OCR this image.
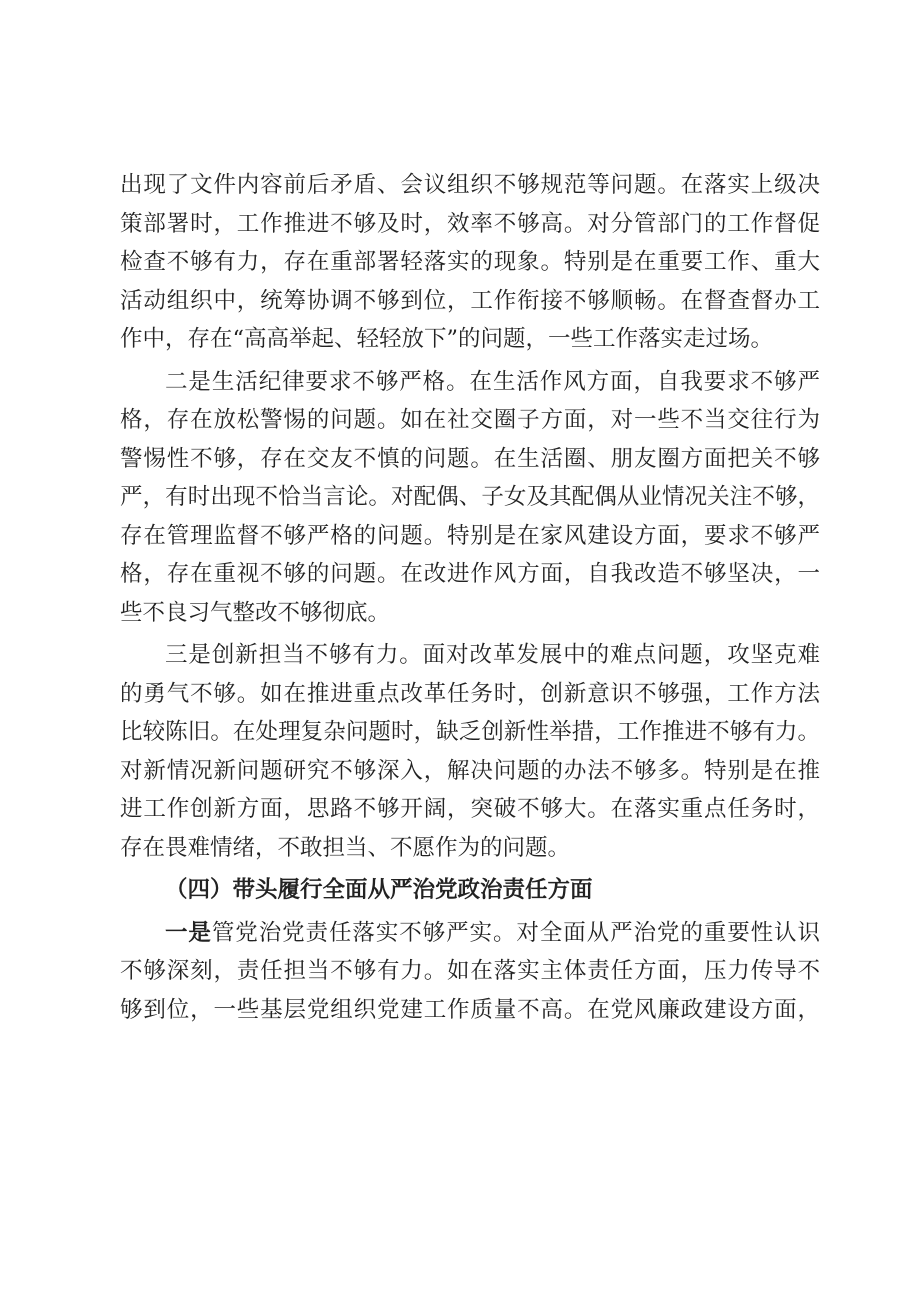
出现了文件内容前后矛盾、会议组织不够规范等问题。在落实上级决
策部署时，工作推进不够及时，效率不够高。对分管部门的工作督促
检查不够有力，存在重部署轻落实的现象。特别是在重要工作、重大
活动组织中，统筹协调不够到位，工作衔接不够顺畅。在督查督办工
作中，存在“高高举起、轻轻放下”的问题，一些工作落实走过场。
二是生活纪律要求不够严格。在生活作风方面，自我要求不够严
格，存在放松警惕的问题。如在社交圈子方面，对一些不当交往行为
警惕性不够，存在交友不慎的问题。在生活圈、朋友圈方面把关不够
严，有时出现不恰当言论。对配偶、子女及其配偶从业情况关注不够，
存在管理监督不够严格的问题。特别是在家风建设方面，要求不够严
格，存在重视不够的问题。在改进作风方面，自我改造不够坚决，一
些不良习气整改不够彻底。
三是创新担当不够有力。面对改革发展中的难点问题，攻坚克难
的勇气不够。如在推进重点改革任务时，创新意识不够强，工作方法
比较陈旧。在处理复杂问题时，缺乏创新性举措，工作推进不够有力。
对新情况新问题研究不够深入，解决问题的办法不够多。特别是在推
进工作创新方面，思路不够开阔，突破不够大。在落实重点任务时，
存在畏难情绪，不敢担当、不愿作为的问题。
（四）带头履行全面从严治党政治责任方面
一是管党治党责任落实不够严实。对全面从严治党的重要性认识
不够深刻，责任担当不够有力。如在落实主体责任方面，压力传导不
够到位，一些基层党组织党建工作质量不高。在党风廉政建设方面，
